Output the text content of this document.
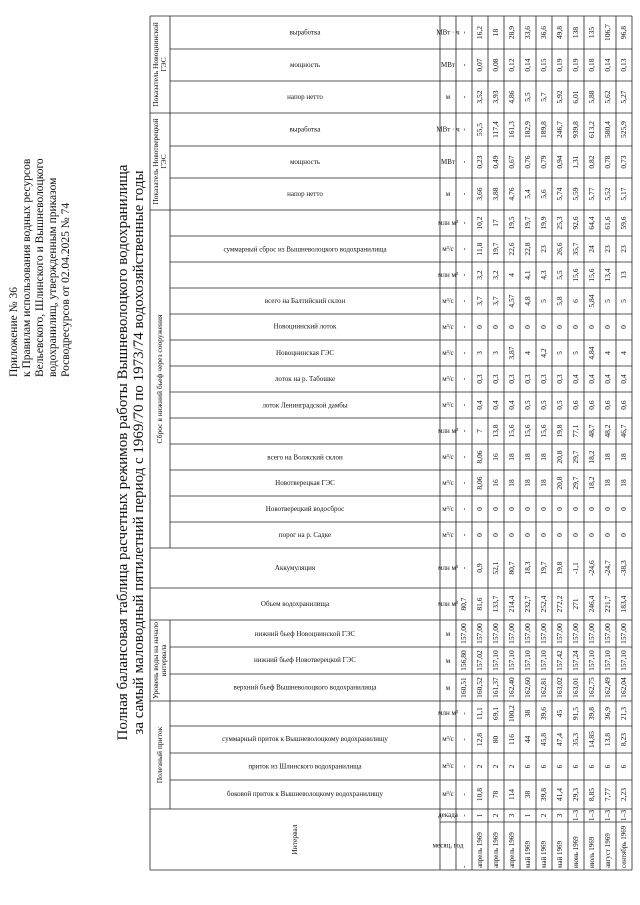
Приложение № 36 к Правилам использования водных ресурсов Вельевского, Шлинского и Вышневолоцкого водохранилищ, утвержденным приказом Росводресурсов от 02.04.2025 № 74	Полная балансовая таблица расчетных режимов работы Вышневолоцкого водохранилища за самый маловодный пятилетний период с 1969/70 по 1973/74 водохозяйственные годы
Интервал
Полезный приток
Уровень воды на начало интервала
Сброс в нижний бьеф через сооружения
Показатель Новотверецкой ГЭС
Показатель Новоцнинской ГЭС
боковой приток к Вышневолоцкому водохранилищу
приток из Шлинского водохранилища
суммарный приток к Вышневолоцкому водохранилищу
верхний бьеф Вышневолоцкого водохранилища
нижний бьеф Новотверецкой ГЭС
нижний бьеф Новоцнинской ГЭС
Объем водохранилища
Аккумуляция
порог на р. Садке
Новотверецкий водосброс
Новотверецкая ГЭС
всего на Волжский склон
лоток Ленинградской дамбы
лоток на р. Табошке
Новоцнинская ГЭС
Новоцнинский лоток
всего на Балтийский склон
суммарный сброс из Вышневолоцкого водохранилища
напор нетто
мощность
выработка
напор нетто
мощность
выработка
м³/с
м³/с
м³/с
млн м³
м
м
м
млн м³
млн м³
м³/с
м³/с
м³/с
м³/с
млн м³
м³/с
м³/с
м³/с
м³/с
м³/с
млн м³
м³/с
млн м³
м
МВт
МВт · ч
м
МВт
МВт · ч
месяц, год
декада
-
-
-
-
-
-
160,51
156,80
157,00
80,7
-
-
-
-
-
-
-
-
-
-
-
-
-
-
-
-
-
-
-
-
апрель 1969
1
10,8
2
12,8
11,1
160,52
157,02
157,00
81,6
0,9
0
0
8,06
8,06
7
0,4
0,3
3
0
3,7
3,2
11,8
10,2
3,66
0,23
55,5
3,52
0,07
16,2
апрель 1969
2
78
2
80
69,1
161,37
157,10
157,00
133,7
52,1
0
0
16
16
13,8
0,4
0,3
3
0
3,7
3,2
19,7
17
3,88
0,49
117,4
3,93
0,08
18
апрель 1969
3
114
2
116
100,2
162,40
157,10
157,00
214,4
80,7
0
0
18
18
15,6
0,4
0,3
3,87
0
4,57
4
22,6
19,5
4,76
0,67
161,3
4,86
0,12
28,9
май 1969
1
38
6
44
38
162,60
157,10
157,00
232,7
18,3
0
0
18
18
15,6
0,5
0,3
4
0
4,8
4,1
22,8
19,7
5,4
0,76
182,9
5,5
0,14
33,6
май 1969
2
39,8
6
45,8
39,6
162,81
157,10
157,00
252,4
19,7
0
0
18
18
15,6
0,5
0,3
4,2
0
5
4,3
23
19,9
5,6
0,79
189,8
5,7
0,15
36,6
май 1969
3
41,4
6
47,4
45
163,02
157,42
157,00
272,2
19,8
0
0
20,8
20,8
19,8
0,5
0,3
5
0
5,8
5,5
26,6
25,3
5,74
0,94
246,7
5,92
0,19
49,8
июнь 1969
1–3
29,3
6
35,3
91,5
163,01
157,24
157,00
271
-1,1
0
0
29,7
29,7
77,1
0,6
0,4
5
0
6
15,6
35,7
92,6
5,59
1,31
939,8
6,01
0,19
138
июль 1969
1–3
8,85
6
14,85
39,8
162,75
157,10
157,00
246,4
-24,6
0
0
18,2
18,2
48,7
0,6
0,4
4,84
0
5,84
15,6
24
64,4
5,77
0,82
613,2
5,88
0,18
135
август 1969
1–3
7,77
6
13,8
36,9
162,49
157,10
157,00
221,7
-24,7
0
0
18
18
48,2
0,6
0,4
4
0
5
13,4
23
61,6
5,52
0,78
580,4
5,62
0,14
106,7
сентябрь 1969
1–3
2,23
6
8,23
21,3
162,04
157,10
157,00
183,4
-38,3
0
0
18
18
46,7
0,6
0,4
4
0
5
13
23
59,6
5,17
0,73
525,9
5,27
0,13
96,8
